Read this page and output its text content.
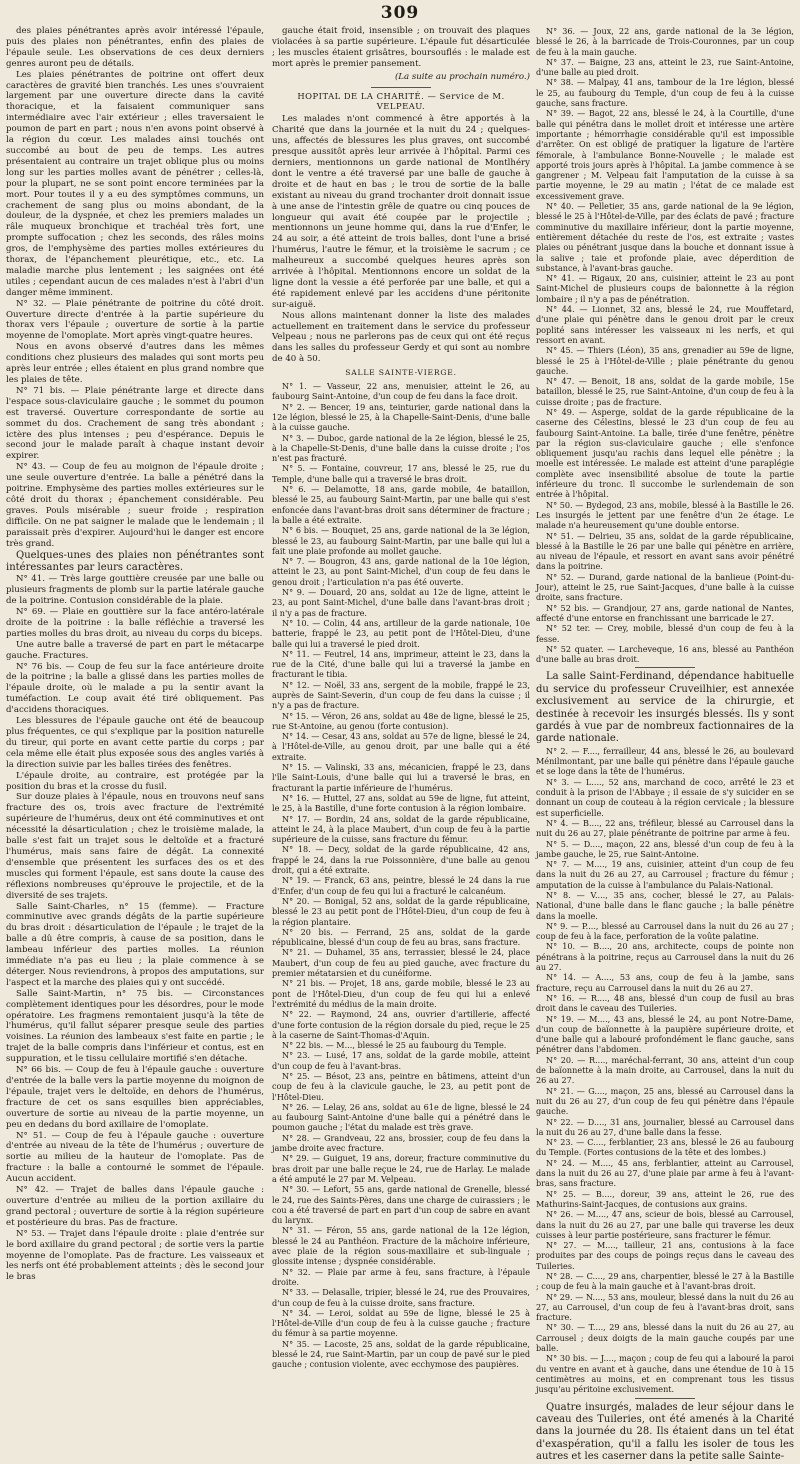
309

des plaies pénétrantes après avoir intéressé l'épaule, puis des plaies non pénétrantes, enfin des plaies de l'épaule seule. Les observations de ces deux derniers genres auront peu de détails.

Les plaies pénétrantes de poitrine ont offert deux caractères de gravité bien tranchés. Les unes s'ouvraient largement par une ouverture directe dans la cavité thoracique, et la faisaient communiquer sans intermédiaire avec l'air extérieur ; elles traversaient le poumon de part en part ; nous n'en avons point observé à la région du cœur. Les malades ainsi touchés ont succombé au bout de peu de temps. Les autres présentaient au contraire un trajet oblique plus ou moins long sur les parties molles avant de pénétrer ; celles-là, pour la plupart, ne se sont point encore terminées par la mort. Pour toutes il y a eu des symptômes communs, un crachement de sang plus ou moins abondant, de la douleur, de la dyspnée, et chez les premiers malades un râle muqueux bronchique et trachéal très fort, une prompte suffocation ; chez les seconds, des râles moins gros, de l'emphysème des parties molles extérieures du thorax, de l'épanchement pleurétique, etc., etc. La maladie marche plus lentement ; les saignées ont été utiles ; cependant aucun de ces malades n'est à l'abri d'un danger même imminent.

N° 32. — Plaie pénétrante de poitrine du côté droit. Ouverture directe d'entrée à la partie supérieure du thorax vers l'épaule ; ouverture de sortie à la partie moyenne de l'omoplate. Mort après vingt-quatre heures.

Nous en avons observé d'autres dans les mêmes conditions chez plusieurs des malades qui sont morts peu après leur entrée ; elles étaient en plus grand nombre que les plaies de tête.

N° 71 bis. — Plaie pénétrante large et directe dans l'espace sous-claviculaire gauche ; le sommet du poumon est traversé. Ouverture correspondante de sortie au sommet du dos. Crachement de sang très abondant ; ictère des plus intenses ; peu d'espérance. Depuis le second jour le malade paraît à chaque instant devoir expirer.

N° 43. — Coup de feu au moignon de l'épaule droite ; une seule ouverture d'entrée. La balle a pénétré dans la poitrine. Emphysème des parties molles extérieures sur le côté droit du thorax ; épanchement considérable. Peu graves. Pouls misérable ; sueur froide ; respiration difficile. On ne pat saigner le malade que le lendemain ; il paraissait près d'expirer. Aujourd'hui le danger est encore très grand.

Quelques-unes des plaies non pénétrantes sont intéressantes par leurs caractères.

N° 41. — Très large gouttière creusée par une balle ou plusieurs fragments de plomb sur la partie latérale gauche de la poitrine. Contusion considérable de la plaie.

N° 69. — Plaie en gouttière sur la face antéro-latérale droite de la poitrine : la balle réfléchie a traversé les parties molles du bras droit, au niveau du corps du biceps.

Une autre balle a traversé de part en part le métacarpe gauche. Fractures.

N° 76 bis. — Coup de feu sur la face antérieure droite de la poitrine ; la balle a glissé dans les parties molles de l'épaule droite, où le malade a pu la sentir avant la tuméfaction. Le coup avait été tiré obliquement. Pas d'accidens thoraciques.

Les blessures de l'épaule gauche ont été de beaucoup plus fréquentes, ce qui s'explique par la position naturelle du tireur, qui porte en avant cette partie du corps ; par cela même elle était plus exposée sous des angles variés à la direction suivie par les balles tirées des fenêtres.

L'épaule droite, au contraire, est protégée par la position du bras et la crosse du fusil.

Sur douze plaies à l'épaule, nous en trouvons neuf sans fracture des os, trois avec fracture de l'extrémité supérieure de l'humérus, deux ont été comminutives et ont nécessité la désarticulation ; chez le troisième malade, la balle s'est fait un trajet sous le deltoïde et a fracturé l'humérus, mais sans faire de dégât. La connexité d'ensemble que présentent les surfaces des os et des muscles qui forment l'épaule, est sans doute la cause des réflexions nombreuses qu'éprouve le projectile, et de la diversité de ses trajets.

Salle Saint-Charles, n° 15 (femme). — Fracture comminutive avec grands dégâts de la partie supérieure du bras droit : désarticulation de l'épaule ; le trajet de la balle a dû être compris, à cause de sa position, dans le lambeau inférieur des parties molles. La réunion immédiate n'a pas eu lieu ; la plaie commence à se déterger. Nous reviendrons, à propos des amputations, sur l'aspect et la marche des plaies qui y ont succédé.

Salle Saint-Martin, n° 75 bis. — Circonstances complètement identiques pour les désordres, pour le mode opératoire. Les fragmens remontaient jusqu'à la tête de l'humérus, qu'il fallut séparer presque seule des parties voisines. La réunion des lambeaux s'est faite en partie ; le trajet de la balle compris dans l'inférieur et contus, est en suppuration, et le tissu cellulaire mortifié s'en détache.

N° 66 bis. — Coup de feu à l'épaule gauche : ouverture d'entrée de la balle vers la partie moyenne du moignon de l'épaule, trajet vers le deltoïde, en dehors de l'humérus, fracture de cet os sans esquilles bien appréciables, ouverture de sortie au niveau de la partie moyenne, un peu en dedans du bord axillaire de l'omoplate.

N° 51. — Coup de feu à l'épaule gauche : ouverture d'entrée au niveau de la tête de l'humérus ; ouverture de sortie au milieu de la hauteur de l'omoplate. Pas de fracture : la balle a contourné le sommet de l'épaule. Aucun accident.

N° 42. — Trajet de balles dans l'épaule gauche : ouverture d'entrée au milieu de la portion axillaire du grand pectoral ; ouverture de sortie à la région supérieure et postérieure du bras. Pas de fracture.

N° 53. — Trajet dans l'épaule droite : plaie d'entrée sur le bord axillaire du grand pectoral ; de sortie vers la partie moyenne de l'omoplate. Pas de fracture. Les vaisseaux et les nerfs ont été probablement atteints ; dès le second jour le bras

gauche était froid, insensible ; on trouvait des plaques violacées à sa partie supérieure. L'épaule fut désarticulée ; les muscles étaient grisâtres, boursouflés : le malade est mort après le premier pansement.

(La suite au prochain numéro.)

HOPITAL DE LA CHARITÉ. — Service de M. VELPEAU.

Les malades n'ont commencé à être apportés à la Charité que dans la journée et la nuit du 24 ; quelques-uns, affectés de blessures les plus graves, ont succombé presque aussitôt après leur arrivée à l'hôpital. Parmi ces derniers, mentionnons un garde national de Montlhéry dont le ventre a été traversé par une balle de gauche à droite et de haut en bas ; le trou de sortie de la balle existant au niveau du grand trochanter droit donnait issue à une anse de l'intestin grêle de quatre ou cinq pouces de longueur qui avait été coupée par le projectile ; mentionnons un jeune homme qui, dans la rue d'Enfer, le 24 au soir, a été atteint de trois balles, dont l'une a brisé l'humérus, l'autre le fémur, et la troisième le sacrum ; ce malheureux a succombé quelques heures après son arrivée à l'hôpital. Mentionnons encore un soldat de la ligne dont la vessie a été perforée par une balle, et qui a été rapidement enlevé par les accidens d'une péritonite sur-aiguë.

Nous allons maintenant donner la liste des malades actuellement en traitement dans le service du professeur Velpeau ; nous ne parlerons pas de ceux qui ont été reçus dans les salles du professeur Gerdy et qui sont au nombre de 40 à 50.

SALLE SAINTE-VIERGE.

N° 1. — Vasseur, 22 ans, menuisier, atteint le 26, au faubourg Saint-Antoine, d'un coup de feu dans la face droit.

N° 2. — Bencer, 19 ans, teinturier, garde national dans la 12e légion, blessé le 25, à la Chapelle-Saint-Denis, d'une balle à la cuisse gauche.

N° 3. — Duboc, garde national de la 2e légion, blessé le 25, à la Chapelle-St-Denis, d'une balle dans la cuisse droite ; l'os n'est pas fracturé.

N° 5. — Fontaine, couvreur, 17 ans, blessé le 25, rue du Temple, d'une balle qui a traversé le bras droit.

N° 6. — Delamotte, 18 ans, garde mobile, 4e bataillon, blessé le 25, au faubourg Saint-Martin, par une balle qui s'est enfoncée dans l'avant-bras droit sans déterminer de fracture ; la balle a été extraite.

N° 6 bis. — Bouquet, 25 ans, garde national de la 3e légion, blessé le 23, au faubourg Saint-Martin, par une balle qui lui a fait une plaie profonde au mollet gauche.

N° 7. — Bougron, 43 ans, garde national de la 10e légion, atteint le 23, au pont Saint-Michel, d'un coup de feu dans le genou droit ; l'articulation n'a pas été ouverte.

N° 9. — Douard, 20 ans, soldat au 12e de ligne, atteint le 23, au pont Saint-Michel, d'une balle dans l'avant-bras droit ; il n'y a pas de fracture.

N° 10. — Colin, 44 ans, artilleur de la garde nationale, 10e batterie, frappé le 23, au petit pont de l'Hôtel-Dieu, d'une balle qui lui a traversé le pied droit.

N° 11. — Feutrel, 14 ans, imprimeur, atteint le 23, dans la rue de la Cité, d'une balle qui lui a traversé la jambe en fracturant le tibia.

N° 12. — Noël, 33 ans, sergent de la mobile, frappé le 23, auprès de Saint-Severin, d'un coup de feu dans la cuisse ; il n'y a pas de fracture.

N° 15. — Véron, 26 ans, soldat au 48e de ligne, blessé le 25, rue St-Antoine, au genou (forte contusion).

N° 14. — Cesar, 43 ans, soldat au 57e de ligne, blessé le 24, à l'Hôtel-de-Ville, au genou droit, par une balle qui a été extraite.

N° 15. — Valinski, 33 ans, mécanicien, frappé le 23, dans l'île Saint-Louis, d'une balle qui lui a traversé le bras, en fracturant la partie inférieure de l'humérus.

N° 16. — Huttel, 27 ans, soldat au 59e de ligne, fut atteint, le 25, à la Bastille, d'une forte contusion à la région lombaire.

N° 17. — Bordin, 24 ans, soldat de la garde républicaine, atteint le 24, à la place Maubert, d'un coup de feu à la partie supérieure de la cuisse, sans fracture du fémur.

N° 18. — Decy, soldat de la garde républicaine, 42 ans, frappé le 24, dans la rue Poissonnière, d'une balle au genou droit, qui a été extraite.

N° 19. — Franck, 63 ans, peintre, blessé le 24 dans la rue d'Enfer, d'un coup de feu qui lui a fracturé le calcanéum.

N° 20. — Bonigal, 52 ans, soldat de la garde républicaine, blessé le 23 au petit pont de l'Hôtel-Dieu, d'un coup de feu à la région plantaire.

N° 20 bis. — Ferrand, 25 ans, soldat de la garde républicaine, blessé d'un coup de feu au bras, sans fracture.

N° 21. — Duhamel, 35 ans, terrassier, blessé le 24, place Maubert, d'un coup de feu au pied gauche, avec fracture du premier métatarsien et du cunéiforme.

N° 21 bis. — Projet, 18 ans, garde mobile, blessé le 23 au pont de l'Hôtel-Dieu, d'un coup de feu qui lui a enlevé l'extrémité du médius de la main droite.

N° 22. — Raymond, 24 ans, ouvrier d'artillerie, affecté d'une forte contusion de la région dorsale du pied, reçue le 25 à la caserne de Saint-Thomas-d'Aquin.

N° 22 bis. — M..., blessé le 25 au faubourg du Temple.

N° 23. — Lusé, 17 ans, soldat de la garde mobile, atteint d'un coup de feu à l'avant-bras.

N° 25. — Bésot, 23 ans, peintre en bâtimens, atteint d'un coup de feu à la clavicule gauche, le 23, au petit pont de l'Hôtel-Dieu.

N° 26. — Lelay, 26 ans, soldat au 61e de ligne, blessé le 24 au faubourg Saint-Antoine d'une balle qui a pénétré dans le poumon gauche ; l'état du malade est très grave.

N° 28. — Grandveau, 22 ans, brossier, coup de feu dans la jambe droite avec fracture.

N° 29. — Guiguet, 19 ans, doreur, fracture comminutive du bras droit par une balle reçue le 24, rue de Harlay. Le malade a été amputé le 27 par M. Velpeau.

N° 30. — Lefort, 55 ans, garde national de Grenelle, blessé le 24, rue des Saints-Pères, dans une charge de cuirassiers ; le cou a été traversé de part en part d'un coup de sabre en avant du larynx.

N° 31. — Féron, 55 ans, garde national de la 12e légion, blessé le 24 au Panthéon. Fracture de la mâchoire inférieure, avec plaie de la région sous-maxillaire et sub-linguale ; glossite intense ; dyspnée considérable.

N° 32. — Plaie par arme à feu, sans fracture, à l'épaule droite.

N° 33. — Delasalle, tripier, blessé le 24, rue des Prouvaires, d'un coup de feu à la cuisse droite, sans fracture.

N° 34. — Leroi, soldat au 59e de ligne, blessé le 25 à l'Hôtel-de-Ville d'un coup de feu à la cuisse gauche ; fracture du fémur à sa partie moyenne.

N° 35. — Lacoste, 25 ans, soldat de la garde républicaine, blessé le 24, rue Saint-Martin, par un coup de pavé sur le pied gauche ; contusion violente, avec ecchymose des paupières.

N° 36. — Joux, 22 ans, garde national de la 3e légion, blessé le 26, à la barricade de Trois-Couronnes, par un coup de feu à la main gauche.

N° 37. — Baigne, 23 ans, atteint le 23, rue Saint-Antoine, d'une balle au pied droit.

N° 38. — Malpay, 41 ans, tambour de la 1re légion, blessé le 25, au faubourg du Temple, d'un coup de feu à la cuisse gauche, sans fracture.

N° 39. — Bagot, 22 ans, blessé le 24, à la Courtille, d'une balle qui pénétra dans le mollet droit et intéresse une artère importante ; hémorrhagie considérable qu'il est impossible d'arrêter. On est obligé de pratiquer la ligature de l'artère fémorale, à l'ambulance Bonne-Nouvelle ; le malade est apporté trois jours après à l'hôpital. La jambe commence à se gangrener ; M. Velpeau fait l'amputation de la cuisse à sa partie moyenne, le 29 au matin ; l'état de ce malade est excessivement grave.

N° 40. — Pelletier, 35 ans, garde national de la 9e légion, blessé le 25 à l'Hôtel-de-Ville, par des éclats de pavé ; fracture comminutive du maxillaire inférieur, dont la partie moyenne, entièrement détachée du reste de l'os, est extraite ; vastes plaies ou pénétrant jusque dans la bouche et donnant issue à la salive ; taie et profonde plaie, avec déperdition de substance, à l'avant-bras gauche.

N° 41. — Rigaux, 20 ans, cuisinier, atteint le 23 au pont Saint-Michel de plusieurs coups de baïonnette à la région lombaire ; il n'y a pas de pénétration.

N° 44. — Lionnet, 32 ans, blessé le 24, rue Mouffetard, d'une plaie qui pénètre dans le genou droit par le creux poplité sans intéresser les vaisseaux ni les nerfs, et qui ressort en avant.

N° 45. — Thiers (Léon), 35 ans, grenadier au 59e de ligne, blessé le 25 à l'Hôtel-de-Ville ; plaie pénétrante du genou gauche.

N° 47. — Benoit, 18 ans, soldat de la garde mobile, 15e bataillon, blessé le 25, rue Saint-Antoine, d'un coup de feu à la cuisse droite ; pas de fracture.

N° 49. — Asperge, soldat de la garde républicaine de la caserne des Célestins, blessé le 23 d'un coup de feu au faubourg Saint-Antoine. La balle, tirée d'une fenêtre, pénètre par la région sus-claviculaire gauche ; elle s'enfonce obliquement jusqu'au rachis dans lequel elle pénètre ; la moelle est intéressée. Le malade est atteint d'une paraplégie complète avec insensibilité absolue de toute la partie inférieure du tronc. Il succombe le surlendemain de son entrée à l'hôpital.

N° 50. — Bydegod, 23 ans, mobile, blessé à la Bastille le 26. Les insurgés le jettent par une fenêtre d'un 2e étage. Le malade n'a heureusement qu'une double entorse.

N° 51. — Delrieu, 35 ans, soldat de la garde républicaine, blessé à la Bastille le 26 par une balle qui pénètre en arrière, au niveau de l'épaule, et ressort en avant sans avoir pénétré dans la poitrine.

N° 52. — Durand, garde national de la banlieue (Point-du-Jour), atteint le 25, rue Saint-Jacques, d'une balle à la cuisse droite, sans fracture.

N° 52 bis. — Grandjour, 27 ans, garde national de Nantes, affecté d'une entorse en franchissant une barricade le 27.

N° 52 ter. — Crey, mobile, blessé d'un coup de feu à la fesse.

N° 52 quater. — Larcheveque, 16 ans, blessé au Panthéon d'une balle au bras droit.

La salle Saint-Ferdinand, dépendance habituelle du service du professeur Cruveilhier, est annexée exclusivement au service de la chirurgie, et destinée à recevoir les insurgés blessés. Ils y sont gardés à vue par de nombreux factionnaires de la garde nationale.

N° 2. — F...., ferrailleur, 44 ans, blessé le 26, au boulevard Ménilmontant, par une balle qui pénètre dans l'épaule gauche et se loge dans la tête de l'humérus.

N° 3. — L...., 52 ans, marchand de coco, arrêté le 23 et conduit à la prison de l'Abbaye ; il essaie de s'y suicider en se donnant un coup de couteau à la région cervicale ; la blessure est superficielle.

N° 4. — B...., 22 ans, tréfileur, blessé au Carrousel dans la nuit du 26 au 27, plaie pénétrante de poitrine par arme à feu.

N° 5. — D...., maçon, 22 ans, blessé d'un coup de feu à la jambe gauche, le 25, rue Saint-Antoine.

N° 7. — M...., 19 ans, cuisinier, atteint d'un coup de feu dans la nuit du 26 au 27, au Carrousel ; fracture du fémur ; amputation de la cuisse à l'ambulance du Palais-National.

N° 8. — V...., 35 ans, cocher, blessé le 27, au Palais-National, d'une balle dans le flanc gauche ; la balle pénètre dans la moelle.

N° 9. — P...., blessé au Carrousel dans la nuit du 26 au 27 ; coup de feu à la face, perforation de la voûte palatine.

N° 10. — B...., 20 ans, architecte, coups de pointe non pénétrans à la poitrine, reçus au Carrousel dans la nuit du 26 au 27.

N° 14. — A...., 53 ans, coup de feu à la jambe, sans fracture, reçu au Carrousel dans la nuit du 26 au 27.

N° 16. — R...., 48 ans, blessé d'un coup de fusil au bras droit dans le caveau des Tuileries.

N° 19. — M...., 43 ans, blessé le 24, au pont Notre-Dame, d'un coup de baïonnette à la paupière supérieure droite, et d'une balle qui a labouré profondément le flanc gauche, sans pénétrer dans l'abdomen.

N° 20. — R...., maréchal-ferrant, 30 ans, atteint d'un coup de baïonnette à la main droite, au Carrousel, dans la nuit du 26 au 27.

N° 21. — G...., maçon, 25 ans, blessé au Carrousel dans la nuit du 26 au 27, d'un coup de feu qui pénètre dans l'épaule gauche.

N° 22. — D...., 31 ans, journalier, blessé au Carrousel dans la nuit du 26 au 27, d'une balle dans la fesse.

N° 23. — C...., ferblantier, 23 ans, blessé le 26 au faubourg du Temple. (Fortes contusions de la tête et des lombes.)

N° 24. — M...., 45 ans, ferblantier, atteint au Carrousel, dans la nuit du 26 au 27, d'une plaie par arme à feu à l'avant-bras, sans fracture.

N° 25. — B...., doreur, 39 ans, atteint le 26, rue des Mathurins-Saint-Jacques, de contusions aux grains.

N° 26. — M...., 47 ans, scieur de bois, blessé au Carrousel, dans la nuit du 26 au 27, par une balle qui traverse les deux cuisses à leur partie postérieure, sans fracturer le fémur.

N° 27. — M...., tailleur, 21 ans, contusions à la face produites par des coups de poings reçus dans le caveau des Tuileries.

N° 28. — C...., 29 ans, charpentier, blessé le 27 à la Bastille ; coup de feu à la main gauche et à l'avant-bras droit.

N° 29. — N...., 53 ans, mouleur, blessé dans la nuit du 26 au 27, au Carrousel, d'un coup de feu à l'avant-bras droit, sans fracture.

N° 30. — T...., 29 ans, blessé dans la nuit du 26 au 27, au Carrousel ; deux doigts de la main gauche coupés par une balle.

N° 30 bis. — J...., maçon ; coup de feu qui a labouré la paroi du ventre en avant et à gauche, dans une étendue de 10 à 15 centimètres au moins, et en comprenant tous les tissus jusqu'au péritoine exclusivement.

Quatre insurgés, malades de leur séjour dans le caveau des Tuileries, ont été amenés à la Charité dans la journée du 28. Ils étaient dans un tel état d'exaspération, qu'il a fallu les isoler de tous les autres et les caserner dans la petite salle Sainte-
